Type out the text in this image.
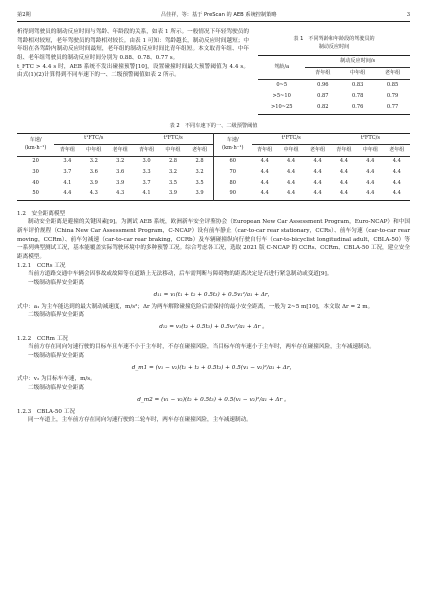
第2期	吕佳祥，等：基于 PreScan 的 AEB 系统控制策略	3

析得到驾驶员的制动反应时间与驾龄、年龄段的关系，如表 1 所示。一般情况下年轻驾驶员的驾龄相对较短，老年驾驶员的驾龄相对较长。由表 1 可知：驾龄越长，制动反应时间越短；中年组在各驾龄内制动反应时间最短，老年组的制动反应时间比青年组短。本文取青年组、中年组、老年组驾驶员的制动反应时间分别为 0.88、0.78、0.77 s。

t_FTC > 4.4 s 时，AEB 系统不发出碰撞预警[10]，设置碰撞时间最大预警阈值为 4.4 s。由式(1)(2)计算得到不同车速下的一、二级预警阈值如表 2 所示。

表 1　不同驾龄和年龄段的驾驶员的
制动反应时间
驾龄/a	制动反应时间/s		
	青年组	中年组	老年组
0~5	0.96	0.83	0.85
>5~10	0.87	0.78	0.79
>10~25	0.82	0.76	0.77
表 2　不同车速下的一、二级预警阈值
车速/
(km·h⁻¹)	t¹FTC/s			t²FTC/s			车速/
(km·h⁻¹)	t¹FTC/s			t²FTC/s		
	青年组	中年组	老年组	青年组	中年组	老年组		青年组	中年组	老年组	青年组	中年组	老年组
20	3.4	3.2	3.2	3.0	2.8	2.8	60	4.4	4.4	4.4	4.4	4.4	4.4
30	3.7	3.6	3.6	3.3	3.2	3.2	70	4.4	4.4	4.4	4.4	4.4	4.4
40	4.1	3.9	3.9	3.7	3.5	3.5	80	4.4	4.4	4.4	4.4	4.4	4.4
50	4.4	4.3	4.3	4.1	3.9	3.9	90	4.4	4.4	4.4	4.4	4.4	4.4

1.2　安全距离模型

制动安全距离是避撞的关键因素[9]。为测试 AEB 系统，欧洲新车安全评鉴协会（European New Car Assessment Program，Euro-NCAP）和中国新车评价规程（China New Car Assessment Program，C-NCAP）设有前车静止（car-to-car rear stationary，CCRs）、前车匀速（car-to-car rear moving，CCRm）、前车匀减速（car-to-car rear braking，CCRb）及车辆碰撞纵向行驶自行车（car-to-bicyclist longitudinal adult，CBLA-50）等一系列典型测试工况，基本能覆盖实际驾驶环境中的多种预警工况。综合考虑各工况，选取 2021 版 C-NCAP 的 CCRs、CCRm、CBLA-50 工况，建立安全距离模型。

1.2.1　CCRs 工况

当前方道路交通中车辆会因事故或故障等在道路上无法移动，后车需判断与障碍物的距离决定是否进行紧急制动或变道[9]。

一级制动临界安全距离

d₁₁ = v₁(t₁ + t₂ + 0.5t₃) + 0.5v₁²/a₁ + Δr，

式中：a₁ 为主车能达到的最大制动减速度，m/s²；Δr 为两车解除碰撞危险后需保持的最小安全距离，一般为 2~5 m[10]，本文取 Δr = 2 m。

二级制动临界安全距离

d₁₂ = v₁(t₂ + 0.5t₃) + 0.5v₁²/a₁ + Δr 。

1.2.2　CCRm 工况

当前方存在同向匀速行驶的目标车且车速不小于主车时，不存在碰撞风险，当目标车的车速小于主车时，两车存在碰撞风险，主车减速制动。

一级制动临界安全距离

d_m1 = (v₁ − v₂)(t₁ + t₂ + 0.5t₃) + 0.5(v₁ − v₂)²/a₁ + Δr，

式中：v₂ 为目标车车速，m/s。

二级制动临界安全距离

d_m2 = (v₁ − v₂)(t₂ + 0.5t₃) + 0.5(v₁ − v₂)²/a₁ + Δr 。

1.2.3　CBLA-50 工况

同一车道上，主车前方存在同向匀速行驶的二轮车时，两车存在碰撞风险，主车减速制动。
